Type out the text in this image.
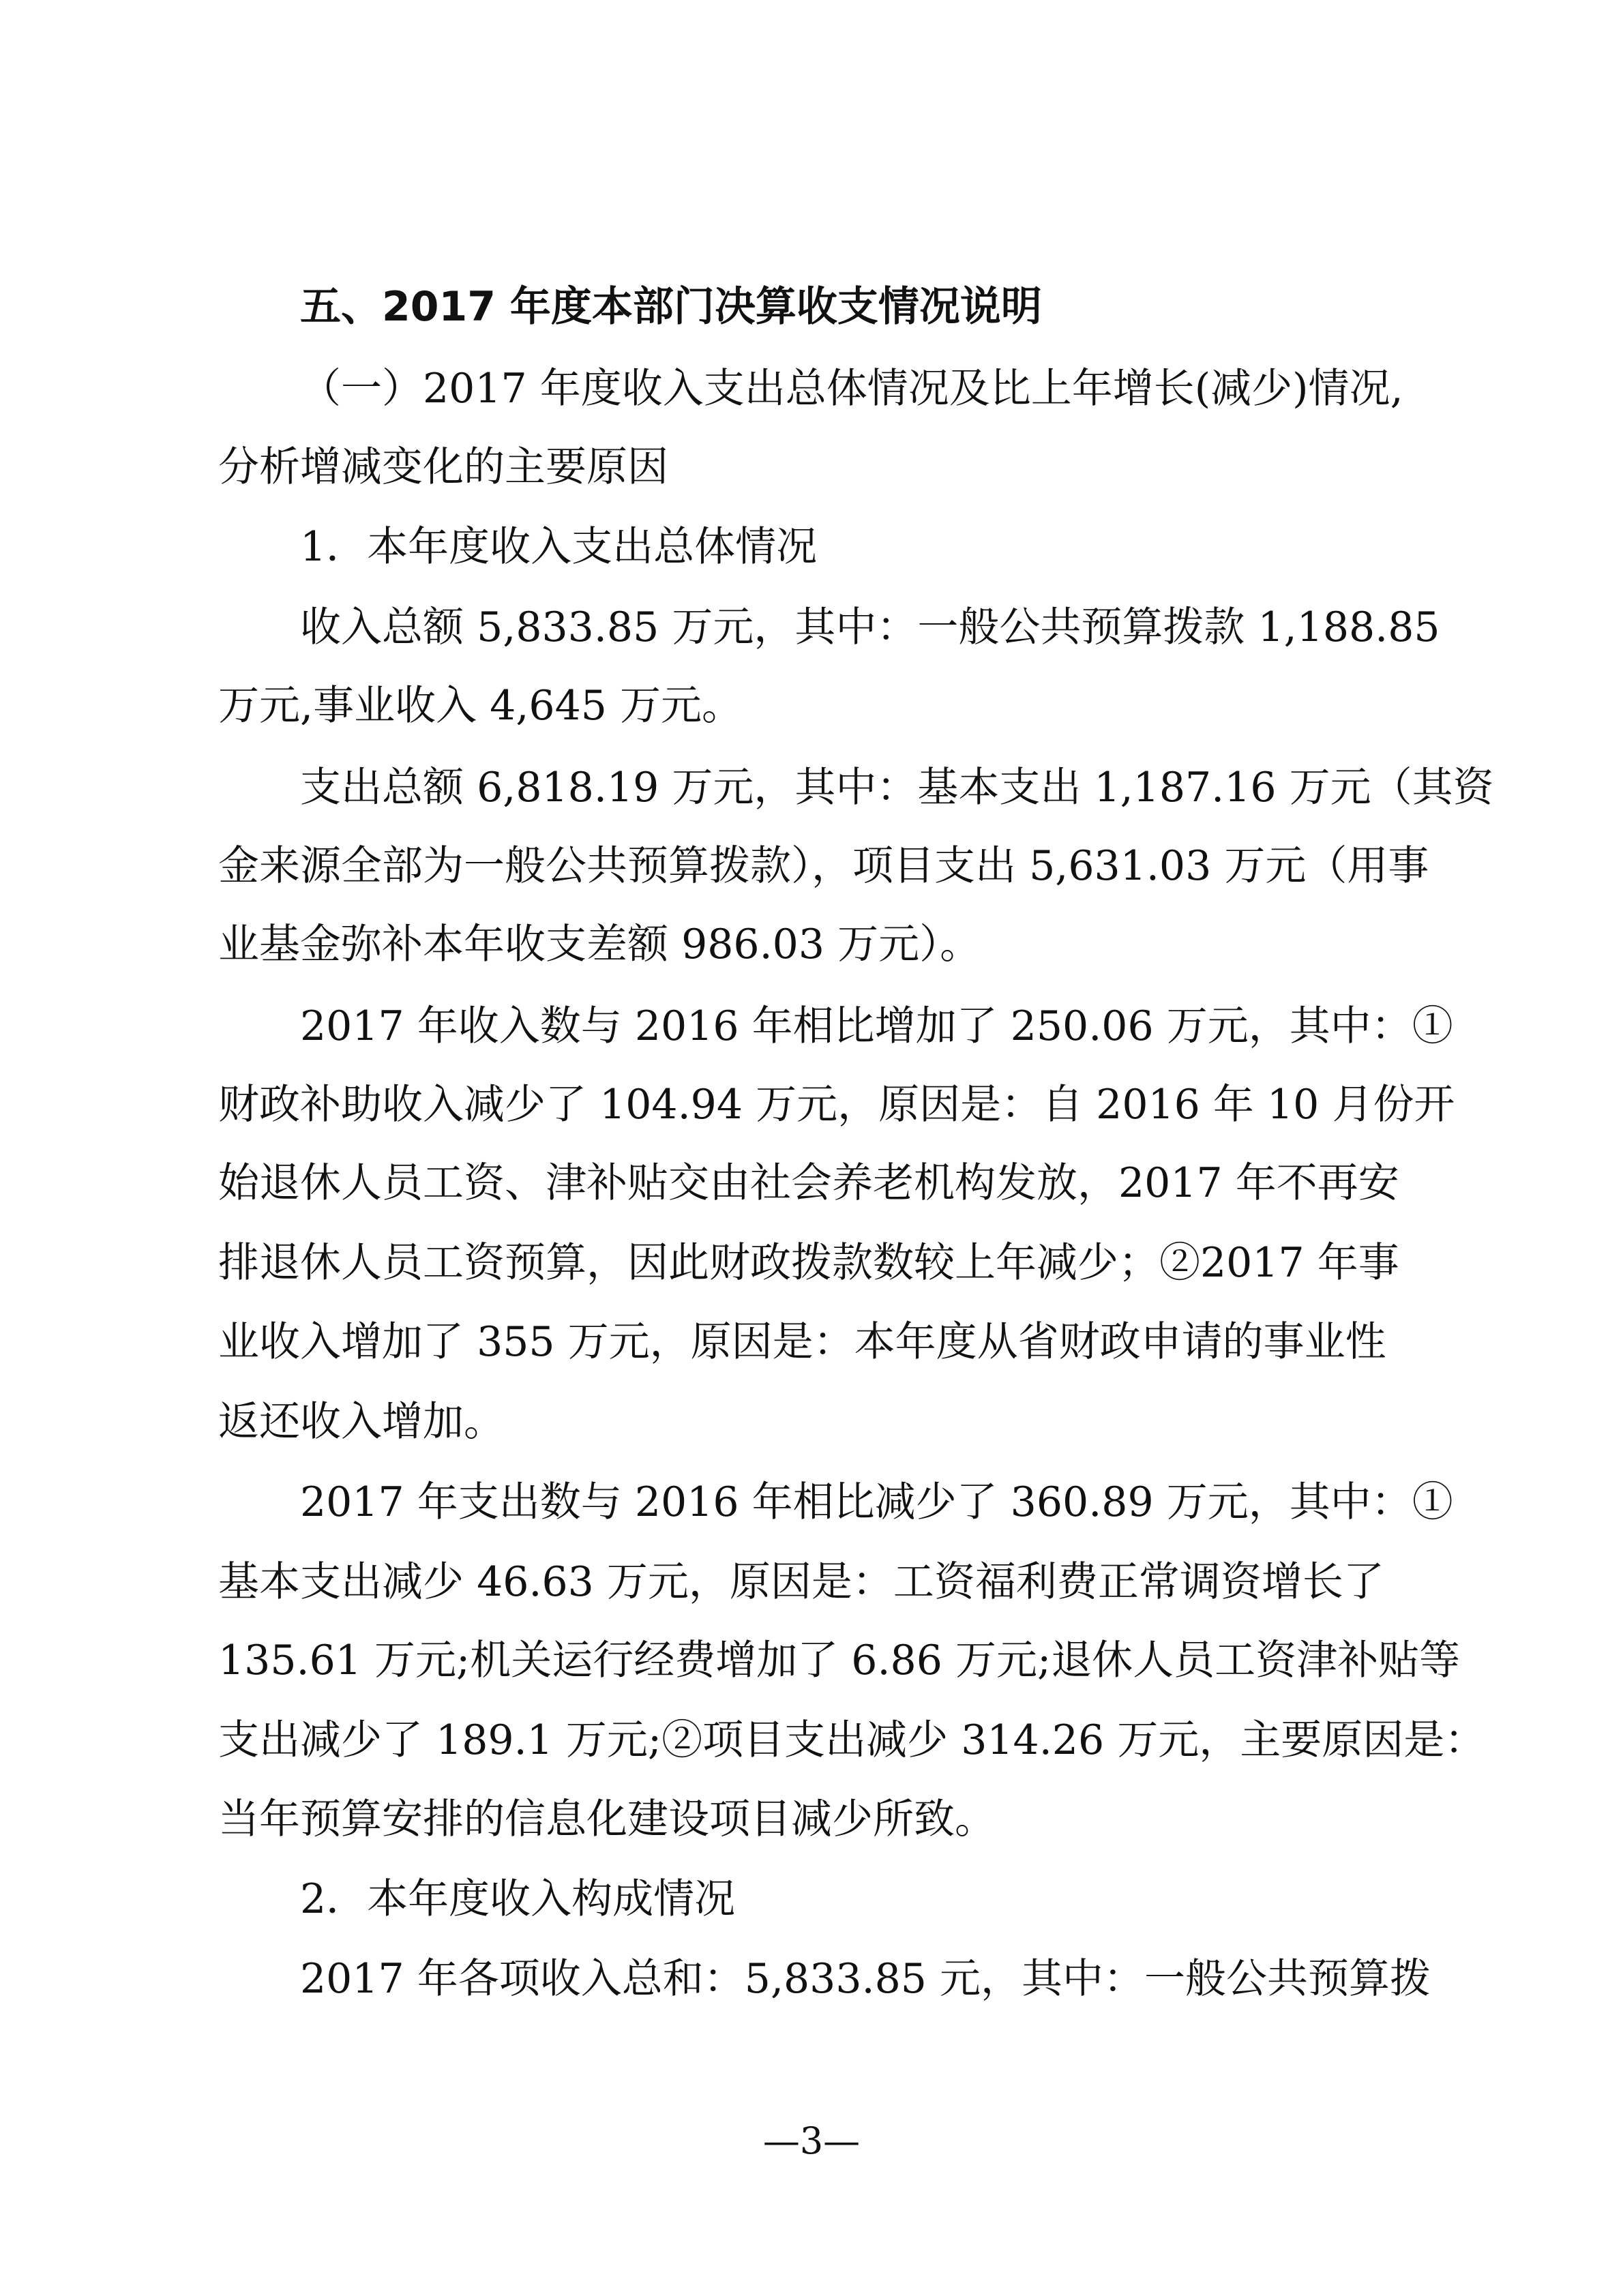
五、2017 年度本部门决算收支情况说明
（一）2017 年度收入支出总体情况及比上年增长(减少)情况,
分析增减变化的主要原因
1．本年度收入支出总体情况
收入总额 5,833.85 万元，其中：一般公共预算拨款 1,188.85
万元,事业收入 4,645 万元。
支出总额 6,818.19 万元，其中：基本支出 1,187.16 万元（其资
金来源全部为一般公共预算拨款），项目支出 5,631.03 万元（用事
业基金弥补本年收支差额 986.03 万元）。
2017 年收入数与 2016 年相比增加了 250.06 万元，其中：①
财政补助收入减少了 104.94 万元，原因是：自 2016 年 10 月份开
始退休人员工资、津补贴交由社会养老机构发放，2017 年不再安
排退休人员工资预算，因此财政拨款数较上年减少；②2017 年事
业收入增加了 355 万元，原因是：本年度从省财政申请的事业性
返还收入增加。
2017 年支出数与 2016 年相比减少了 360.89 万元，其中：①
基本支出减少 46.63 万元，原因是：工资福利费正常调资增长了
135.61 万元;机关运行经费增加了 6.86 万元;退休人员工资津补贴等
支出减少了 189.1 万元;②项目支出减少 314.26 万元，主要原因是：
当年预算安排的信息化建设项目减少所致。
2．本年度收入构成情况
2017 年各项收入总和：5,833.85 元，其中：一般公共预算拨
—3—
